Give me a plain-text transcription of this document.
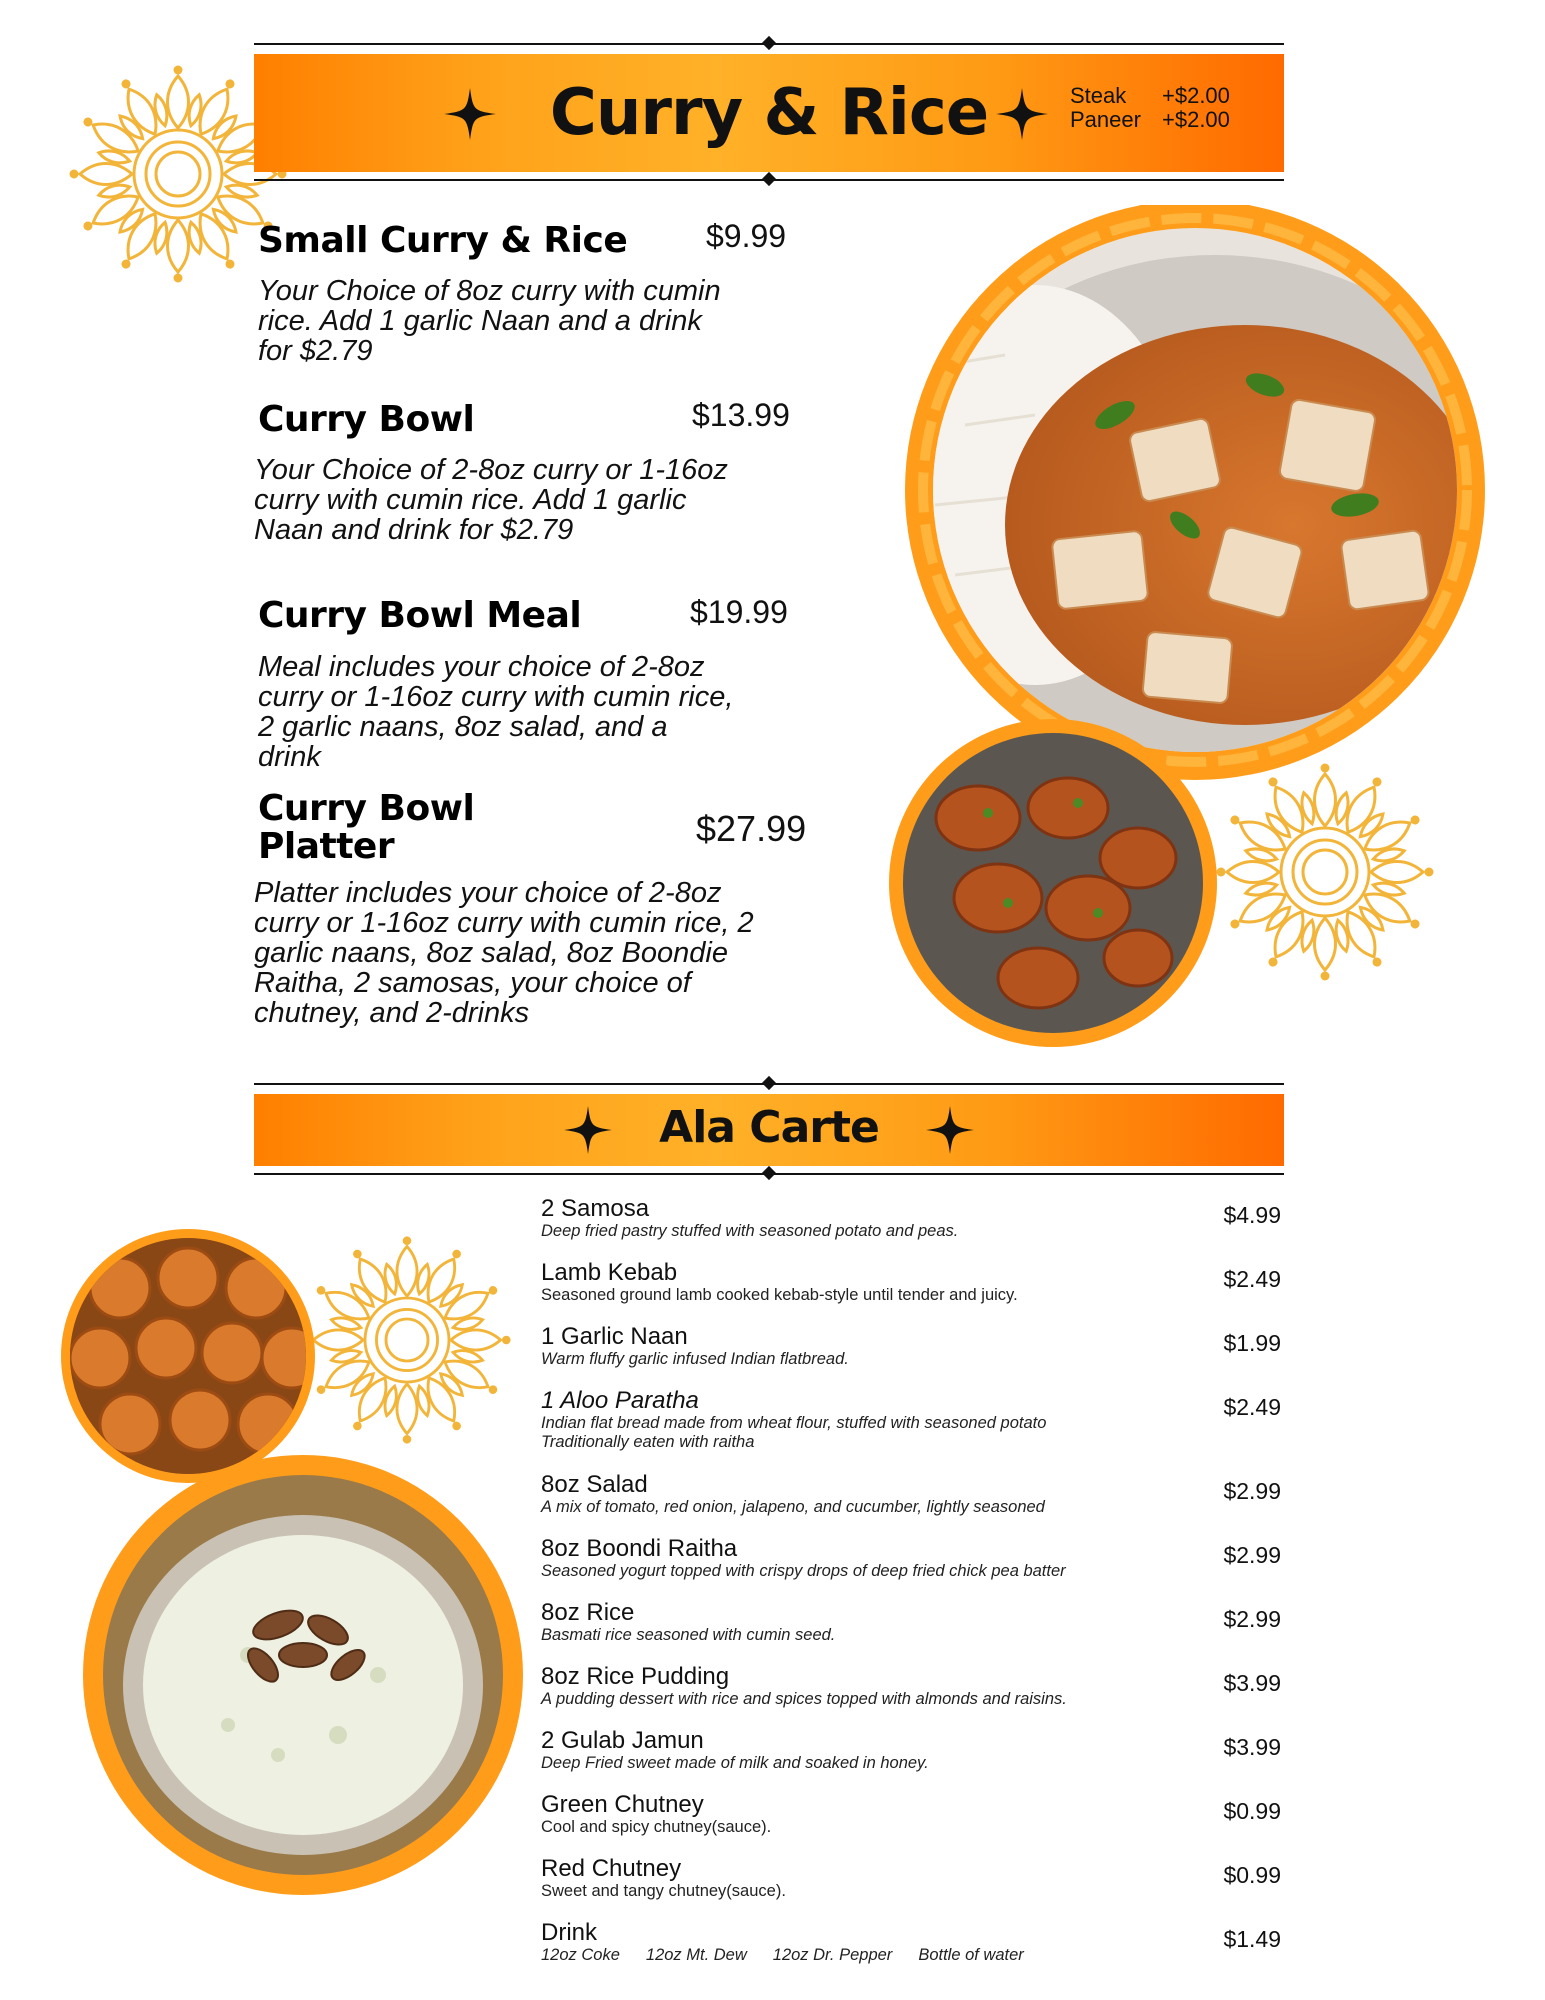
Curry & Rice	Steak	+$2.00
Paneer +$2.00
Small Curry & Rice $9.99
Your Choice of 8oz curry with cumin
rice. Add 1 garlic Naan and a drink
for $2.79
Curry Bowl	$13.99
Your Choice of 2-8oz curry or 1-16oz
curry with cumin rice. Add 1 garlic
Naan and drink for $2.79
Curry Bowl Meal	$19.99
Meal includes your choice of 2-8oz
curry or 1-16oz curry with cumin rice,
2 garlic naans, 8oz salad, and a
drink
Curry Bowl
Platter	$27.99
Platter includes your choice of 2-8oz
curry or 1-16oz curry with cumin rice, 2
garlic naans, 8oz salad, 8oz Boondie
Raitha, 2 samosas, your choice of
chutney, and 2-drinks
Ala Carte
2 Samosa
Deep fried pastry stuffed with seasoned potato and peas.
$4.99
Lamb Kebab
Seasoned ground lamb cooked kebab-style until tender and juicy.
$2.49
1 Garlic Naan
Warm fluffy garlic infused Indian flatbread.
$1.99
1 Aloo Paratha
Indian flat bread made from wheat flour, stuffed with seasoned potato
Traditionally eaten with raitha
$2.49
8oz Salad
A mix of tomato, red onion, jalapeno, and cucumber, lightly seasoned
$2.99
8oz Boondi Raitha
Seasoned yogurt topped with crispy drops of deep fried chick pea batter
$2.99
8oz Rice
Basmati rice seasoned with cumin seed.
$2.99
8oz Rice Pudding
A pudding dessert with rice and spices topped with almonds and raisins.
$3.99
2 Gulab Jamun
Deep Fried sweet made of milk and soaked in honey.
$3.99
Green Chutney
Cool and spicy chutney(sauce).
$0.99
Red Chutney
Sweet and tangy chutney(sauce).
$0.99
Drink
12oz Coke 12oz Mt. Dew 12oz Dr. Pepper Bottle of water
$1.49
